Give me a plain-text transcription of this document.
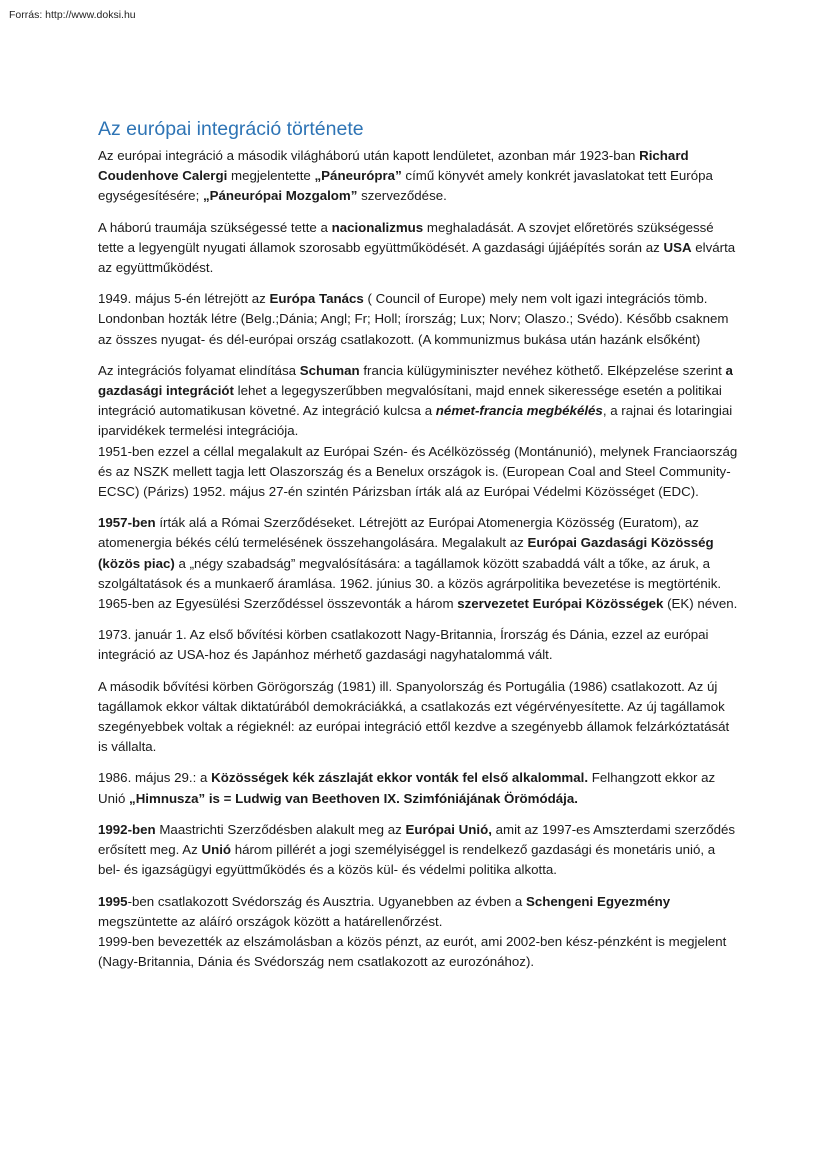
Forrás: http://www.doksi.hu
Az európai integráció története

Az európai integráció a második világháború után kapott lendületet, azonban már 1923-ban Richard Coudenhove Calergi megjelentette „Páneurópra” című könyvét amely konkrét javaslatokat tett Európa egységesítésére; „Páneurópai Mozgalom” szerveződése.

A háború traumája szükségessé tette a nacionalizmus meghaladását. A szovjet előretörés szükségessé tette a legyengült nyugati államok szorosabb együttműködését. A gazdasági újjáépítés során az USA elvárta az együttműködést.

1949. május 5-én létrejött az Európa Tanács ( Council of Europe) mely nem volt igazi integrációs tömb. Londonban hozták létre (Belg.;Dánia; Angl; Fr; Holl; írország; Lux; Norv; Olaszo.; Svédo). Később csaknem az összes nyugat- és dél-európai ország csatlakozott. (A kommunizmus bukása után hazánk elsőként)

Az integrációs folyamat elindítása Schuman francia külügyminiszter nevéhez köthető. Elképzelése szerint a gazdasági integrációt lehet a legegyszerűbben megvalósítani, majd ennek sikeressége esetén a politikai integráció automatikusan követné. Az integráció kulcsa a német-francia megbékélés, a rajnai és lotaringiai iparvidékek termelési integrációja.
1951-ben ezzel a céllal megalakult az Európai Szén- és Acélközösség (Montánunió), melynek Franciaország és az NSZK mellett tagja lett Olaszország és a Benelux országok is. (European Coal and Steel Community-ECSC) (Párizs) 1952. május 27-én szintén Párizsban írták alá az Európai Védelmi Közösséget (EDC).

1957-ben írták alá a Római Szerződéseket. Létrejött az Európai Atomenergia Közösség (Euratom), az atomenergia békés célú termelésének összehangolására. Megalakult az Európai Gazdasági Közösség (közös piac) a „négy szabadság” megvalósítására: a tagállamok között szabaddá vált a tőke, az áruk, a szolgáltatások és a munkaerő áramlása. 1962. június 30. a közös agrárpolitika bevezetése is megtörténik. 1965-ben az Egyesülési Szerződéssel összevonták a három szervezetet Európai Közösségek (EK) néven.

1973. január 1. Az első bővítési körben csatlakozott Nagy-Britannia, Írország és Dánia, ezzel az európai integráció az USA-hoz és Japánhoz mérhető gazdasági nagyhatalommá vált.

A második bővítési körben Görögország (1981) ill. Spanyolország és Portugália (1986) csatlakozott. Az új tagállamok ekkor váltak diktatúrából demokráciákká, a csatlakozás ezt végérvényesítette. Az új tagállamok szegényebbek voltak a régieknél: az európai integráció ettől kezdve a szegényebb államok felzárkóztatását is vállalta.

1986. május 29.: a Közösségek kék zászlaját ekkor vonták fel első alkalommal. Felhangzott ekkor az Unió „Himnusza” is = Ludwig van Beethoven IX. Szimfóniájának Örömódája.

1992-ben Maastrichti Szerződésben alakult meg az Európai Unió, amit az 1997-es Amszterdami szerződés erősített meg. Az Unió három pillérét a jogi személyiséggel is rendelkező gazdasági és monetáris unió, a bel- és igazságügyi együttműködés és a közös kül- és védelmi politika alkotta.

1995-ben csatlakozott Svédország és Ausztria. Ugyanebben az évben a Schengeni Egyezmény megszüntette az aláíró országok között a határellenőrzést.
1999-ben bevezették az elszámolásban a közös pénzt, az eurót, ami 2002-ben kész-pénzként is megjelent (Nagy-Britannia, Dánia és Svédország nem csatlakozott az eurozónához).
